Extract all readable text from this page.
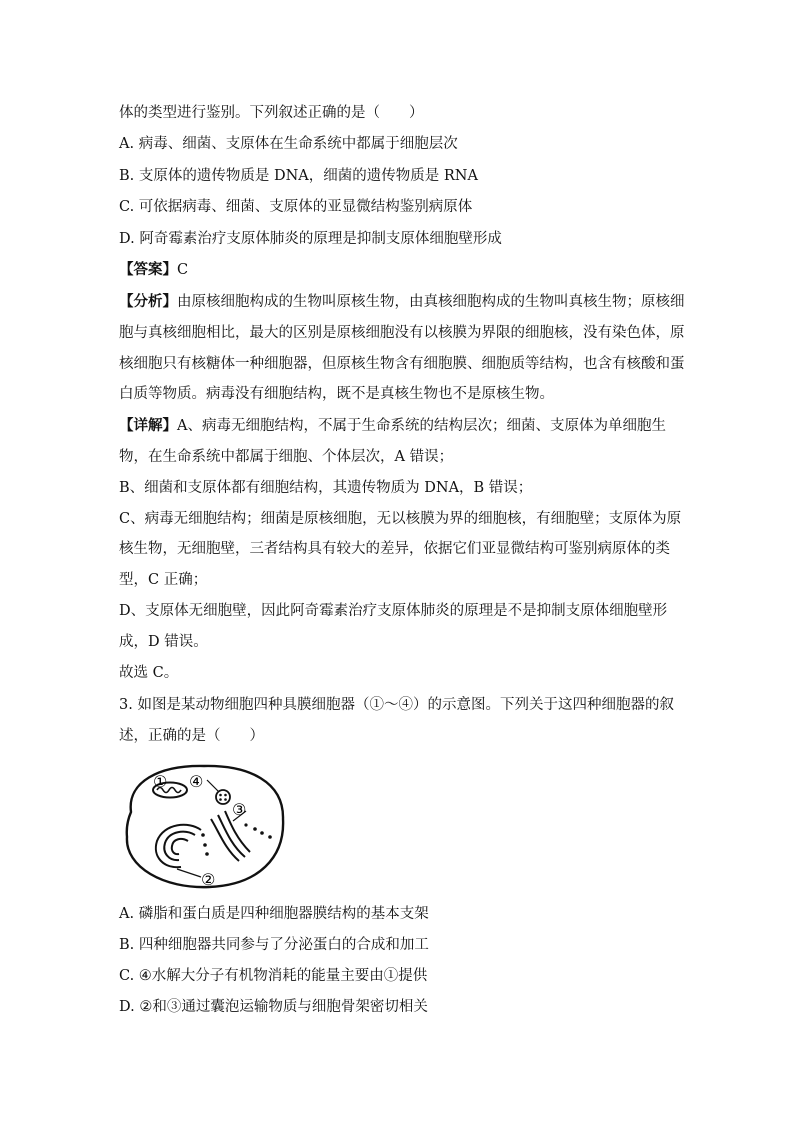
体的类型进行鉴别。下列叙述正确的是（　　）
A. 病毒、细菌、支原体在生命系统中都属于细胞层次
B. 支原体的遗传物质是 DNA，细菌的遗传物质是 RNA
C. 可依据病毒、细菌、支原体的亚显微结构鉴别病原体
D. 阿奇霉素治疗支原体肺炎的原理是抑制支原体细胞壁形成
【答案】C
【分析】由原核细胞构成的生物叫原核生物，由真核细胞构成的生物叫真核生物；原核细
胞与真核细胞相比，最大的区别是原核细胞没有以核膜为界限的细胞核，没有染色体，原
核细胞只有核糖体一种细胞器，但原核生物含有细胞膜、细胞质等结构，也含有核酸和蛋
白质等物质。病毒没有细胞结构，既不是真核生物也不是原核生物。
【详解】A、病毒无细胞结构，不属于生命系统的结构层次；细菌、支原体为单细胞生
物，在生命系统中都属于细胞、个体层次，A 错误；
B、细菌和支原体都有细胞结构，其遗传物质为 DNA，B 错误；
C、病毒无细胞结构；细菌是原核细胞，无以核膜为界的细胞核，有细胞壁；支原体为原
核生物，无细胞壁，三者结构具有较大的差异，依据它们亚显微结构可鉴别病原体的类
型，C 正确；
D、支原体无细胞壁，因此阿奇霉素治疗支原体肺炎的原理是不是抑制支原体细胞壁形
成，D 错误。
故选 C。
3. 如图是某动物细胞四种具膜细胞器（①～④）的示意图。下列关于这四种细胞器的叙
述，正确的是（　　）
① ④
③
②
A. 磷脂和蛋白质是四种细胞器膜结构的基本支架
B. 四种细胞器共同参与了分泌蛋白的合成和加工
C. ④水解大分子有机物消耗的能量主要由①提供
D. ②和③通过囊泡运输物质与细胞骨架密切相关
